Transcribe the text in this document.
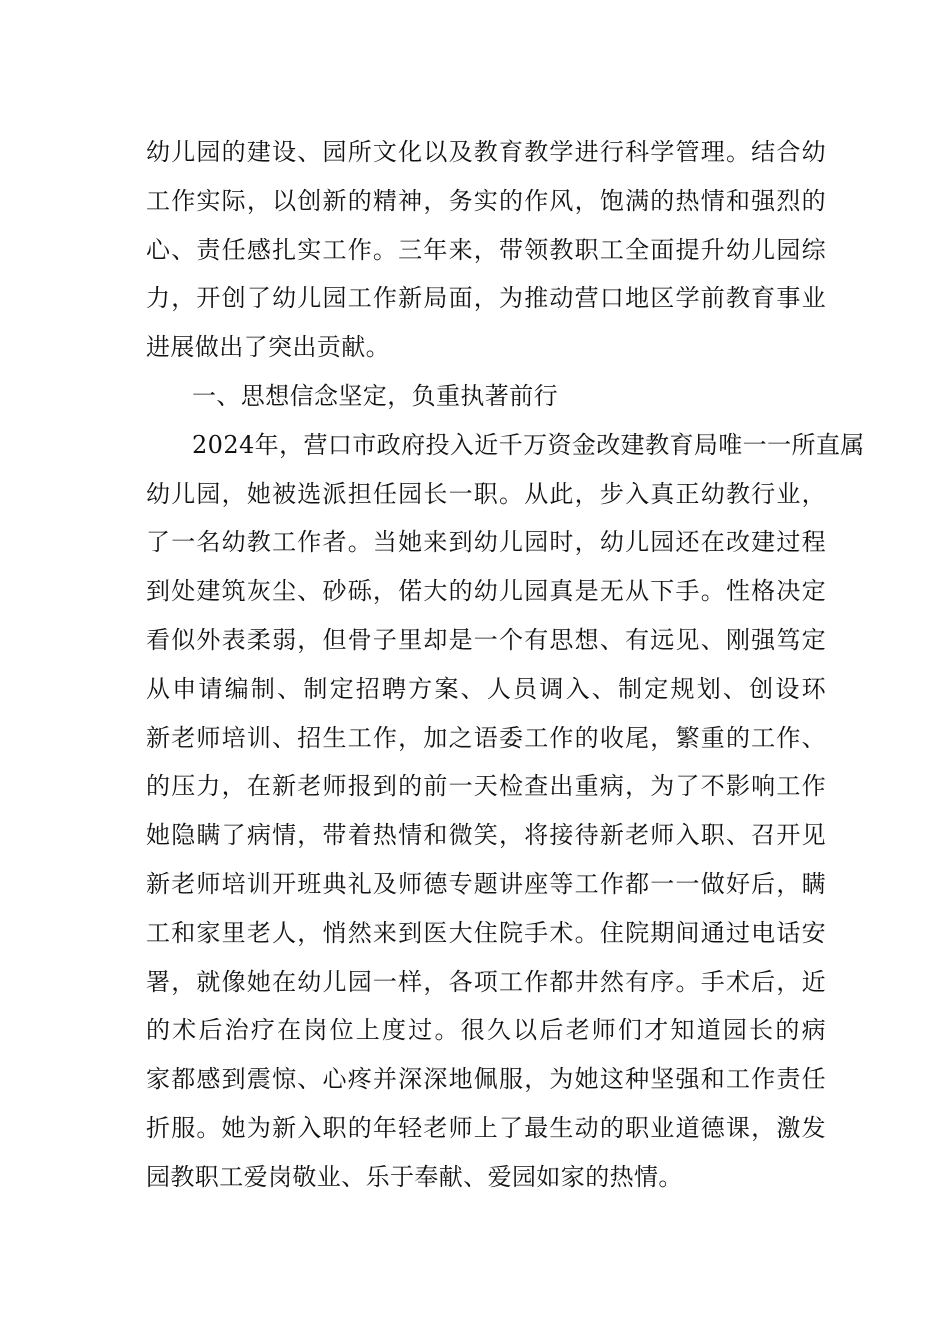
幼儿园的建设、园所文化以及教育教学进行科学管理。结合幼
工作实际，以创新的精神，务实的作风，饱满的热情和强烈的
心、责任感扎实工作。三年来，带领教职工全面提升幼儿园综
力，开创了幼儿园工作新局面，为推动营口地区学前教育事业
进展做出了突出贡献。
一、思想信念坚定，负重执著前行
2024年，营口市政府投入近千万资金改建教育局唯一一所直属
幼儿园，她被选派担任园长一职。从此，步入真正幼教行业，
了一名幼教工作者。当她来到幼儿园时，幼儿园还在改建过程
到处建筑灰尘、砂砾，偌大的幼儿园真是无从下手。性格决定
看似外表柔弱，但骨子里却是一个有思想、有远见、刚强笃定
从申请编制、制定招聘方案、人员调入、制定规划、创设环
新老师培训、招生工作，加之语委工作的收尾，繁重的工作、
的压力，在新老师报到的前一天检查出重病，为了不影响工作
她隐瞒了病情，带着热情和微笑，将接待新老师入职、召开见
新老师培训开班典礼及师德专题讲座等工作都一一做好后，瞒
工和家里老人，悄然来到医大住院手术。住院期间通过电话安
署，就像她在幼儿园一样，各项工作都井然有序。手术后，近
的术后治疗在岗位上度过。很久以后老师们才知道园长的病
家都感到震惊、心疼并深深地佩服，为她这种坚强和工作责任
折服。她为新入职的年轻老师上了最生动的职业道德课，激发
园教职工爱岗敬业、乐于奉献、爱园如家的热情。
